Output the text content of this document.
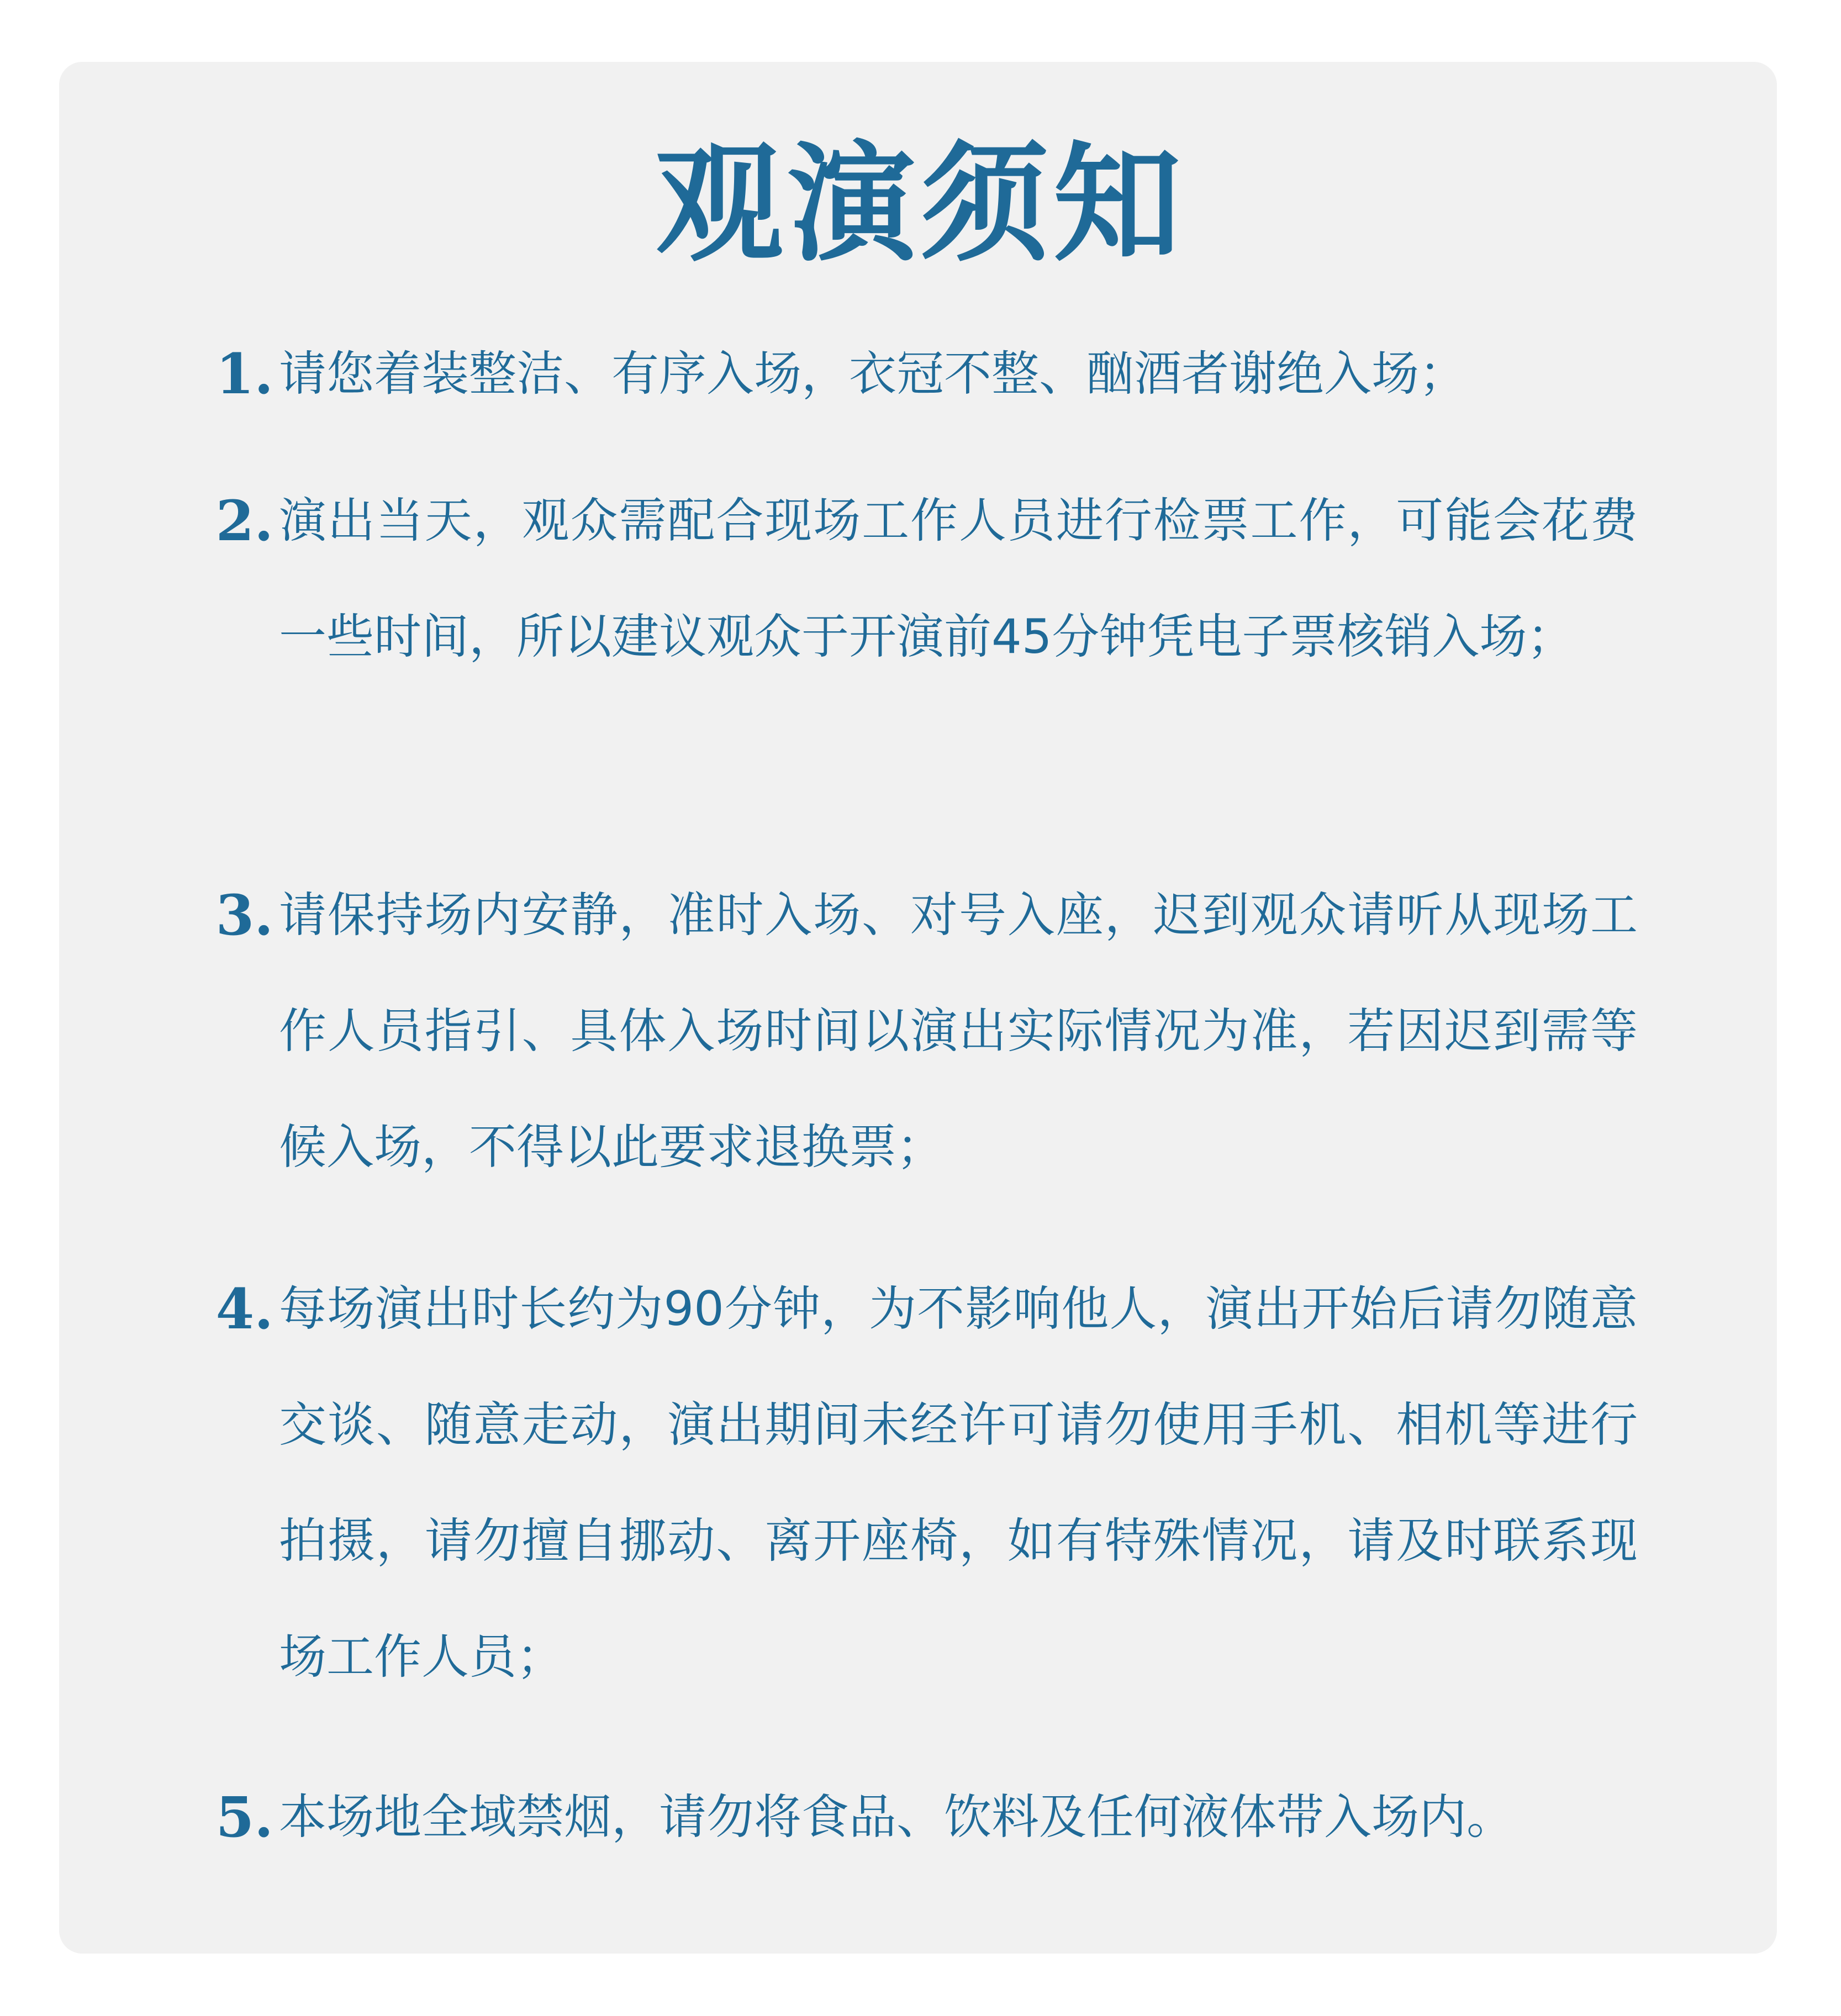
观演须知
1. 请您着装整洁、有序入场，衣冠不整、酗酒者谢绝入场；
2. 演出当天，观众需配合现场工作人员进行检票工作，可能会花费一些时间，所以建议观众于开演前45分钟凭电子票核销入场；
3. 请保持场内安静，准时入场、对号入座，迟到观众请听从现场工作人员指引、具体入场时间以演出实际情况为准，若因迟到需等候入场，不得以此要求退换票；
4. 每场演出时长约为90分钟，为不影响他人，演出开始后请勿随意交谈、随意走动，演出期间未经许可请勿使用手机、相机等进行拍摄，请勿擅自挪动、离开座椅，如有特殊情况，请及时联系现场工作人员；
5. 本场地全域禁烟，请勿将食品、饮料及任何液体带入场内。
